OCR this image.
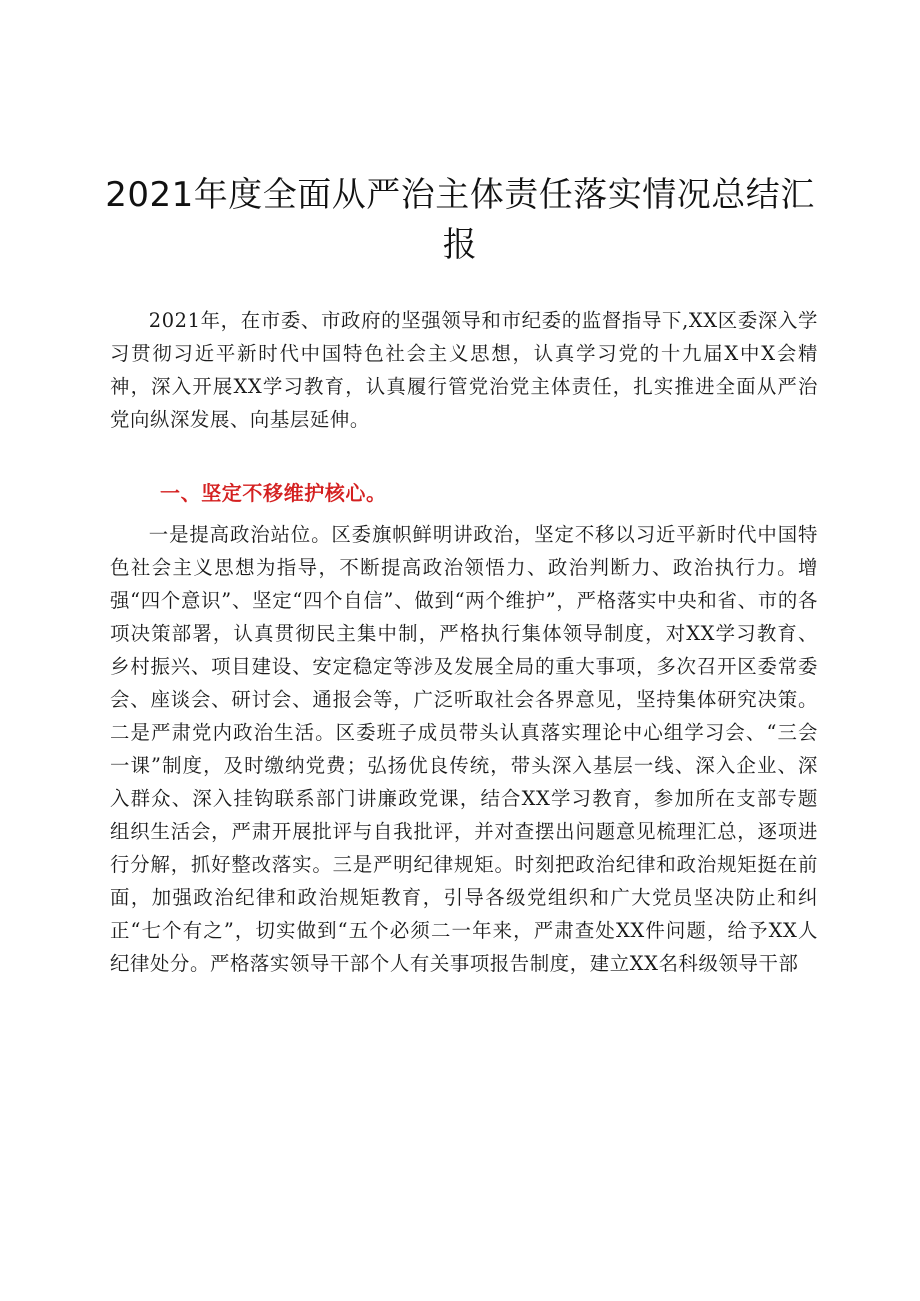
2021年度全面从严治主体责任落实情况总结汇报

2021年，在市委、市政府的坚强领导和市纪委的监督指导下,XX区委深入学习贯彻习近平新时代中国特色社会主义思想，认真学习党的十九届X中X会精神，深入开展XX学习教育，认真履行管党治党主体责任，扎实推进全面从严治党向纵深发展、向基层延伸。

一、坚定不移维护核心。

一是提高政治站位。区委旗帜鲜明讲政治，坚定不移以习近平新时代中国特色社会主义思想为指导，不断提高政治领悟力、政治判断力、政治执行力。增强“四个意识”、坚定“四个自信”、做到“两个维护”，严格落实中央和省、市的各项决策部署，认真贯彻民主集中制，严格执行集体领导制度，对XX学习教育、乡村振兴、项目建设、安定稳定等涉及发展全局的重大事项，多次召开区委常委会、座谈会、研讨会、通报会等，广泛听取社会各界意见，坚持集体研究决策。二是严肃党内政治生活。区委班子成员带头认真落实理论中心组学习会、“三会一课”制度，及时缴纳党费；弘扬优良传统，带头深入基层一线、深入企业、深入群众、深入挂钩联系部门讲廉政党课，结合XX学习教育，参加所在支部专题组织生活会，严肃开展批评与自我批评，并对查摆出问题意见梳理汇总，逐项进行分解，抓好整改落实。三是严明纪律规矩。时刻把政治纪律和政治规矩挺在前面，加强政治纪律和政治规矩教育，引导各级党组织和广大党员坚决防止和纠正“七个有之”，切实做到“五个必须二一年来，严肃查处XX件问题，给予XX人纪律处分。严格落实领导干部个人有关事项报告制度，建立XX名科级领导干部
